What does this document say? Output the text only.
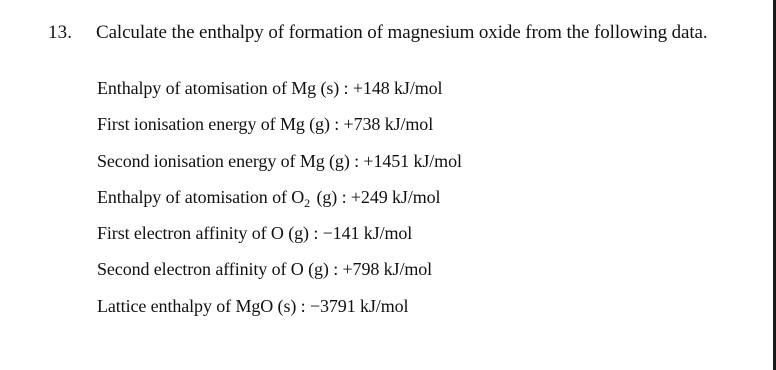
13. Calculate the enthalpy of formation of magnesium oxide from the following data.
Enthalpy of atomisation of Mg (s) : +148 kJ/mol
First ionisation energy of Mg (g) : +738 kJ/mol
Second ionisation energy of Mg (g) : +1451 kJ/mol
Enthalpy of atomisation of $O_2$ (g) : +249 kJ/mol
First electron affinity of O (g) : −141 kJ/mol
Second electron affinity of O (g) : +798 kJ/mol
Lattice enthalpy of MgO (s) : −3791 kJ/mol
